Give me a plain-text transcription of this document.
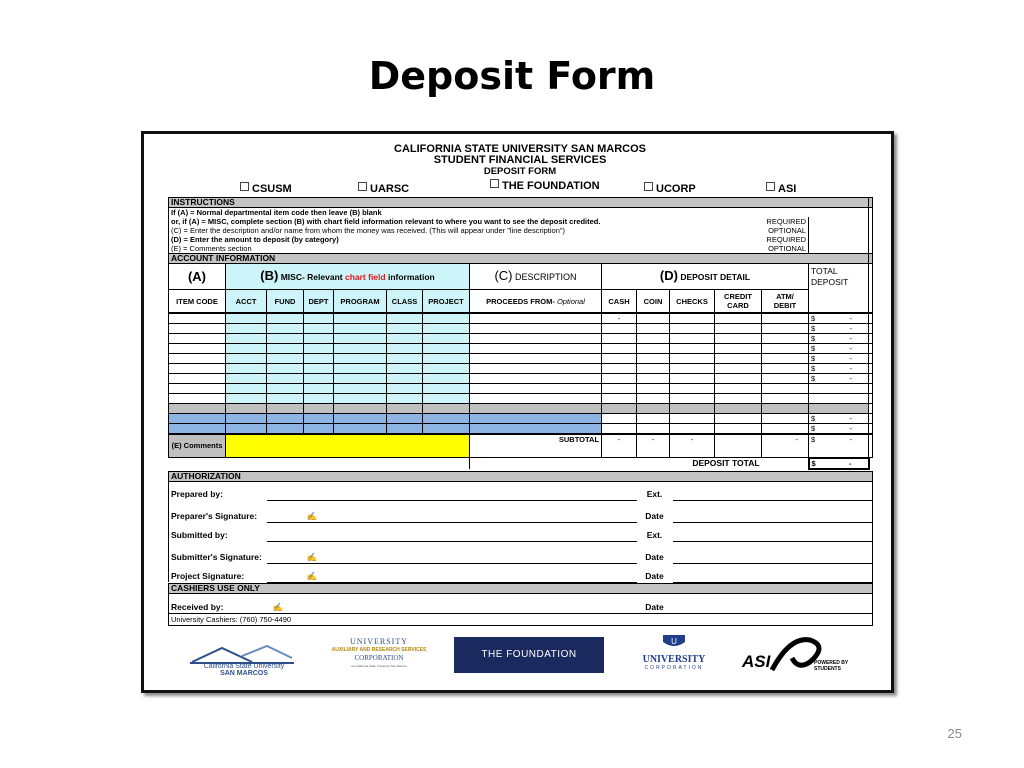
Deposit Form
CALIFORNIA STATE UNIVERSITY SAN MARCOS
STUDENT FINANCIAL SERVICES
DEPOSIT FORM
CSUSM	UARSC	THE FOUNDATION	UCORP	ASI
INSTRUCTIONS														
If (A) = Normal departmental item code then leave (B) blank														
or, if (A) = MISC, complete section (B) with chart field information relevant to where you want to see the deposit credited.											REQUIRED			
(C) = Enter the description and/or name from whom the money was received. (This will appear under "line description")											OPTIONAL			
(D) = Enter the amount to deposit (by category)											REQUIRED			
(E) = Comments section											OPTIONAL			
ACCOUNT INFORMATION														
(A)	(B) MISC- Relevant chart field information						(C) DESCRIPTION	(D) DEPOSIT DETAIL					TOTAL DEPOSIT	
ITEM CODE	ACCT	FUND	DEPT	PROGRAM	CLASS	PROJECT	PROCEEDS FROM- Optional	CASH	COIN	CHECKS	CREDIT CARD	ATM/ DEBIT		
								-					$ -	

													$ -	

													$ -	

													$ -	

													$ -	

													$ -	

													$ -	

													$ -	

													$ -	

(E) Comments		SUBTOTAL	-	-	-		-	$ -	

		DEPOSIT TOTAL						$ -	

AUTHORIZATION
Prepared by:		Ext.	
Preparer's Signature:	✍	Date	
Submitted by:		Ext.	
Submitter's Signature:	✍	Date	
Project Signature:	✍	Date	
CASHIERS USE ONLY
Received by:	✍	Date	
University Cashiers: (760) 750-4490
California State University
SAN MARCOS
UNIVERSITY
AUXILIARY AND RESEARCH SERVICES
CORPORATION
an California State University San Marcos
THE FOUNDATION
U
UNIVERSITY
CORPORATION	ASI	POWERED BY
STUDENTS
25
